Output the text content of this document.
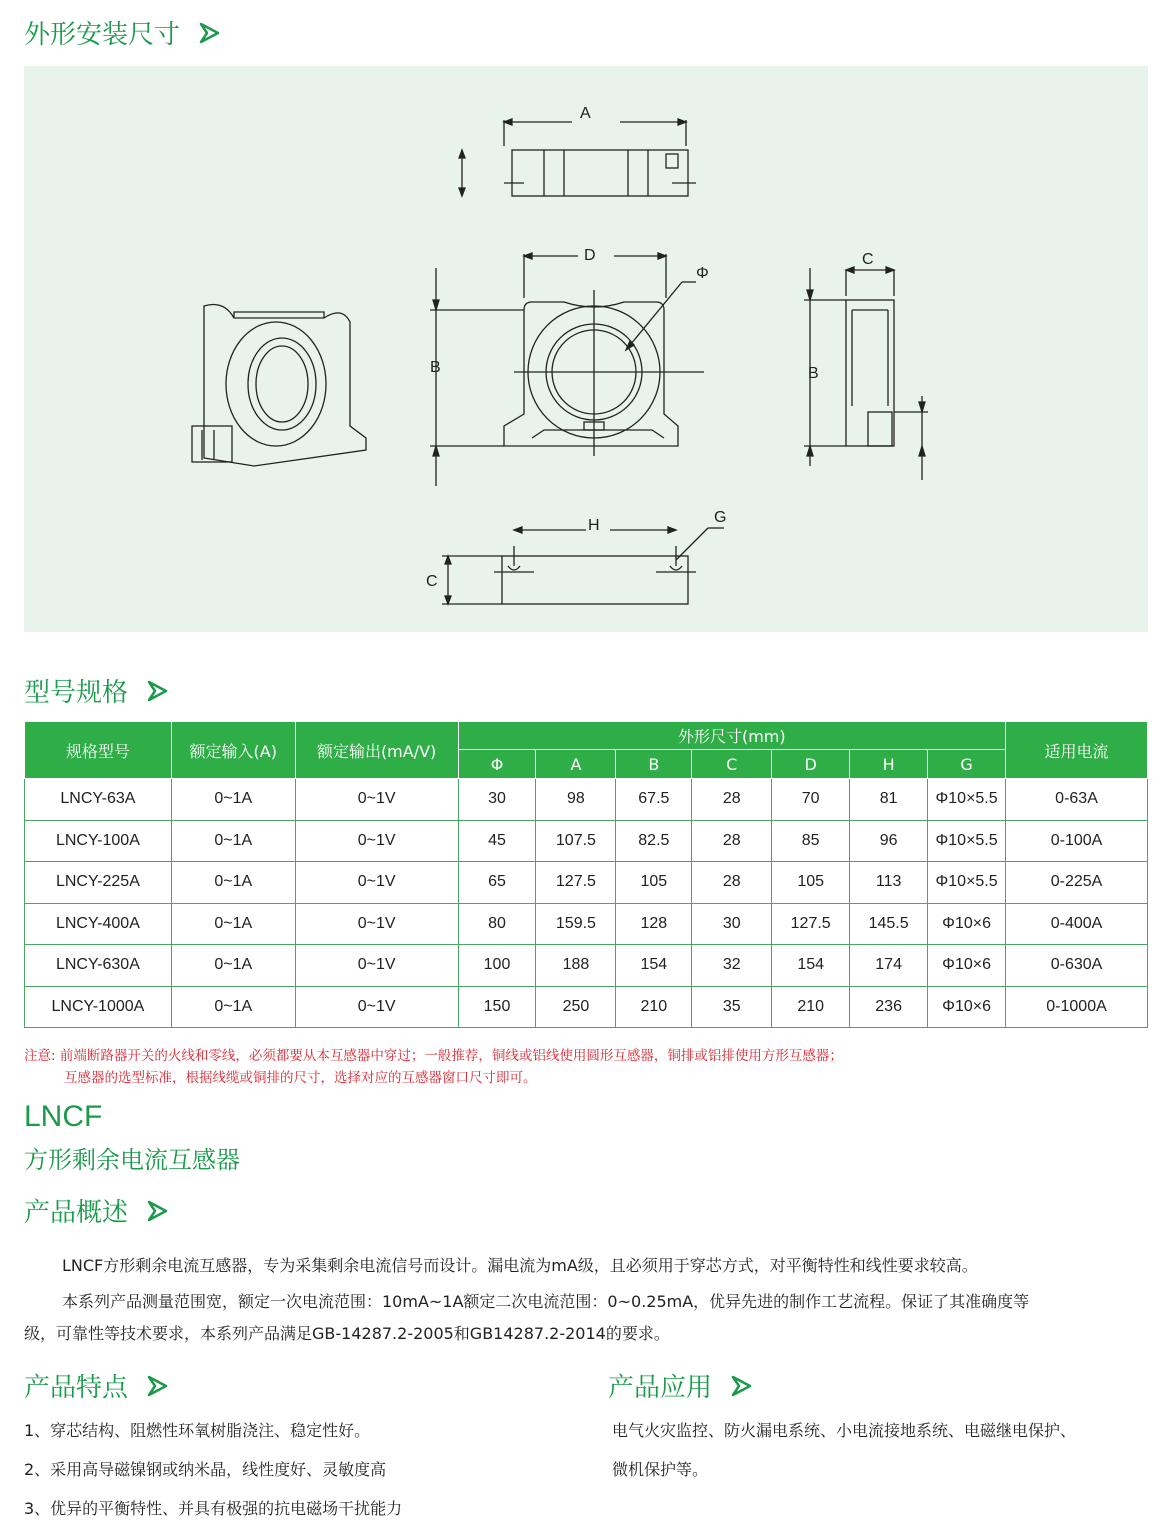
外形安装尺寸
A
D
B
Φ
C
B
H	G
C
型号规格
规格型号	额定输入(A)	额定输出(mA/V)	外形尺寸(mm)							适用电流
			Φ	A	B	C	D	H	G	
LNCY-63A	0~1A	0~1V	30	98	67.5	28	70	81	Φ10×5.5	0-63A
LNCY-100A	0~1A	0~1V	45	107.5	82.5	28	85	96	Φ10×5.5	0-100A
LNCY-225A	0~1A	0~1V	65	127.5	105	28	105	113	Φ10×5.5	0-225A
LNCY-400A	0~1A	0~1V	80	159.5	128	30	127.5	145.5	Φ10×6	0-400A
LNCY-630A	0~1A	0~1V	100	188	154	32	154	174	Φ10×6	0-630A
LNCY-1000A	0~1A	0~1V	150	250	210	35	210	236	Φ10×6	0-1000A
注意: 前端断路器开关的火线和零线，必须都要从本互感器中穿过；一般推荐，铜线或铝线使用圆形互感器，铜排或铝排使用方形互感器；
互感器的选型标准，根据线缆或铜排的尺寸，选择对应的互感器窗口尺寸即可。
LNCF
方形剩余电流互感器
产品概述
LNCF方形剩余电流互感器，专为采集剩余电流信号而设计。漏电流为mA级，且必须用于穿芯方式，对平衡特性和线性要求较高。
本系列产品测量范围宽，额定一次电流范围：10mA~1A额定二次电流范围：0~0.25mA，优异先进的制作工艺流程。保证了其准确度等
级，可靠性等技术要求，本系列产品满足GB-14287.2-2005和GB14287.2-2014的要求。
产品特点	产品应用
1、穿芯结构、阻燃性环氧树脂浇注、稳定性好。
2、采用高导磁镍钢或纳米晶，线性度好、灵敏度高
3、优异的平衡特性、并具有极强的抗电磁场干扰能力
电气火灾监控、防火漏电系统、小电流接地系统、电磁继电保护、
微机保护等。
